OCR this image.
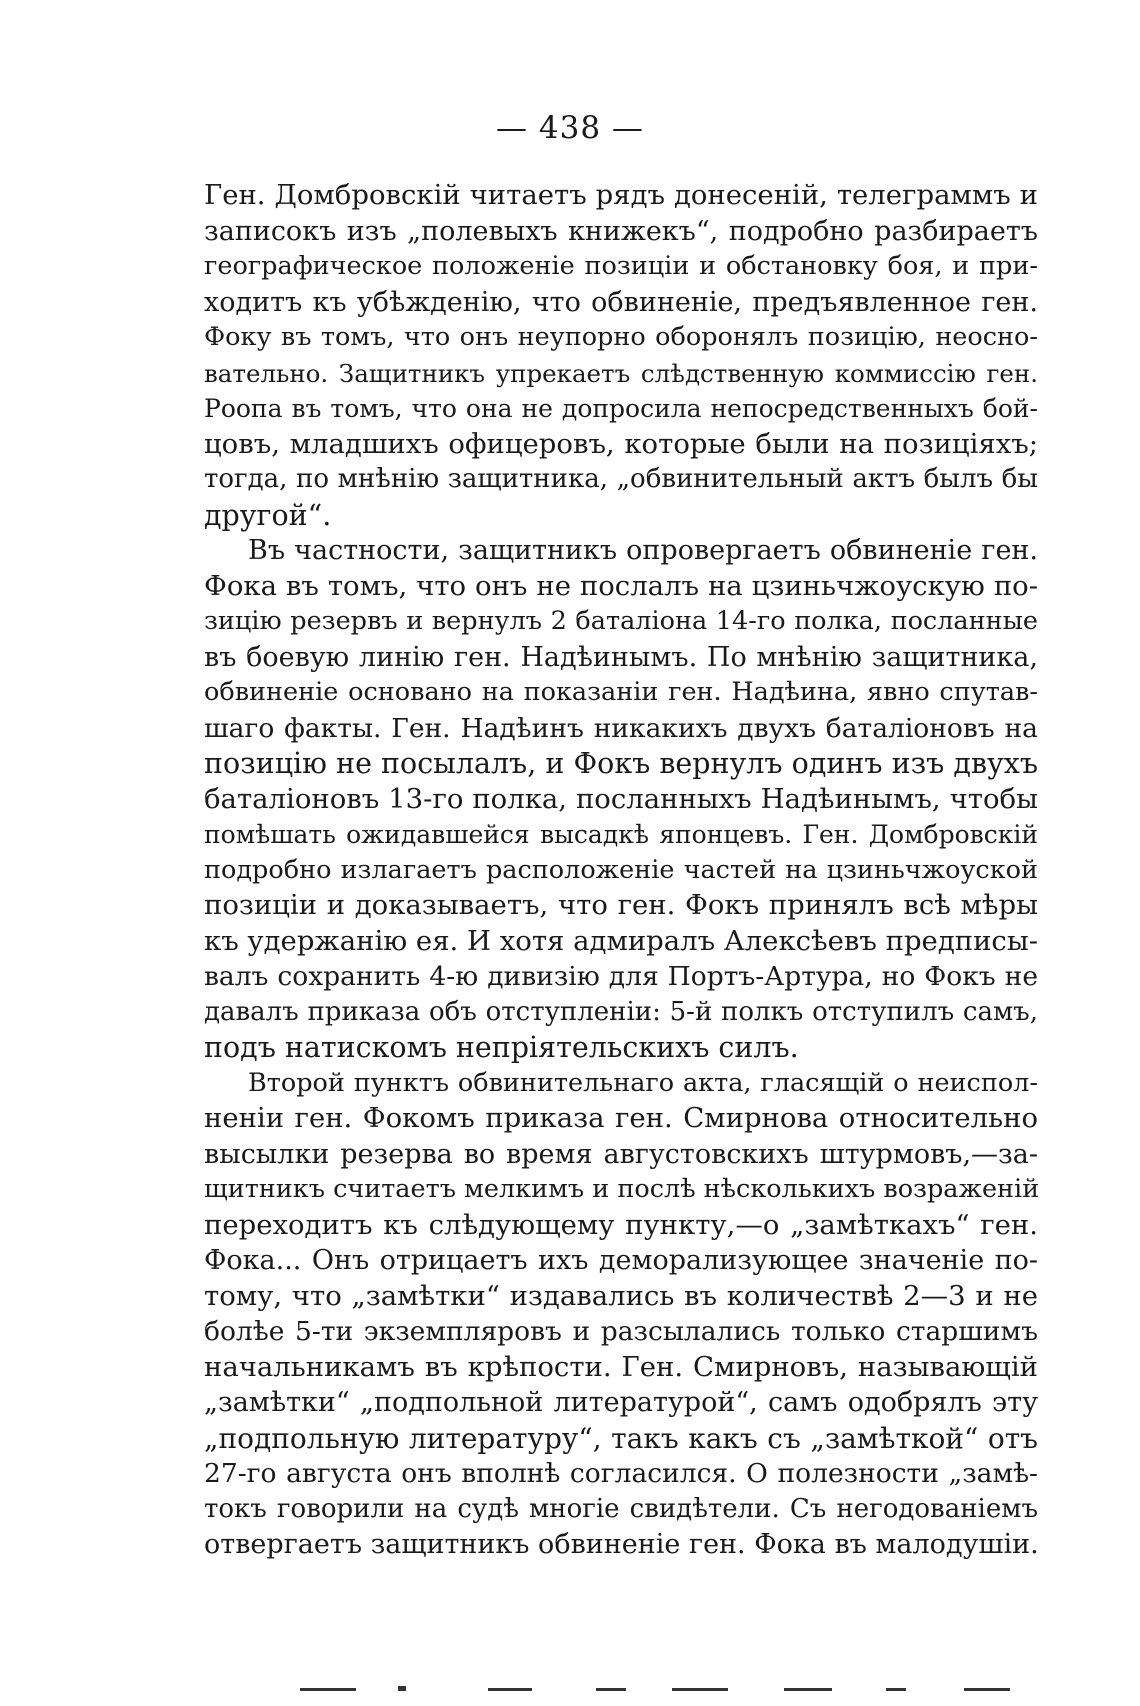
— 438 —
Ген. Домбровскій читаетъ рядъ донесеній, телеграммъ и
записокъ изъ „полевыхъ книжекъ“, подробно разбираетъ
географическое положеніе позиціи и обстановку боя, и при-
ходитъ къ убѣжденію, что обвиненіе, предъявленное ген.
Фоку въ томъ, что онъ неупорно оборонялъ позицію, неосно-
вательно. Защитникъ упрекаетъ слѣдственную коммиссію ген.
Роопа въ томъ, что она не допросила непосредственныхъ бой-
цовъ, младшихъ офицеровъ, которые были на позиціяхъ;
тогда, по мнѣнію защитника, „обвинительный актъ былъ бы
другой“.
Въ частности, защитникъ опровергаетъ обвиненіе ген.
Фока въ томъ, что онъ не послалъ на цзиньчжоускую по-
зицію резервъ и вернулъ 2 баталіона 14-го полка, посланные
въ боевую линію ген. Надѣинымъ. По мнѣнію защитника,
обвиненіе основано на показаніи ген. Надѣина, явно спутав-
шаго факты. Ген. Надѣинъ никакихъ двухъ баталіоновъ на
позицію не посылалъ, и Фокъ вернулъ одинъ изъ двухъ
баталіоновъ 13-го полка, посланныхъ Надѣинымъ, чтобы
помѣшать ожидавшейся высадкѣ японцевъ. Ген. Домбровскій
подробно излагаетъ расположеніе частей на цзиньчжоуской
позиціи и доказываетъ, что ген. Фокъ принялъ всѣ мѣры
къ удержанію ея. И хотя адмиралъ Алексѣевъ предписы-
валъ сохранить 4-ю дивизію для Портъ-Артура, но Фокъ не
давалъ приказа объ отступленіи: 5-й полкъ отступилъ самъ,
подъ натискомъ непріятельскихъ силъ.
Второй пунктъ обвинительнаго акта, гласящій о неиспол-
неніи ген. Фокомъ приказа ген. Смирнова относительно
высылки резерва во время августовскихъ штурмовъ,—за-
щитникъ считаетъ мелкимъ и послѣ нѣсколькихъ возраженій
переходитъ къ слѣдующему пункту,—о „замѣткахъ“ ген.
Фока... Онъ отрицаетъ ихъ деморализующее значеніе по-
тому, что „замѣтки“ издавались въ количествѣ 2—3 и не
болѣе 5-ти экземпляровъ и разсылались только старшимъ
начальникамъ въ крѣпости. Ген. Смирновъ, называющій
„замѣтки“ „подпольной литературой“, самъ одобрялъ эту
„подпольную литературу“, такъ какъ съ „замѣткой“ отъ
27-го августа онъ вполнѣ согласился. О полезности „замѣ-
токъ говорили на судѣ многіе свидѣтели. Съ негодованіемъ
отвергаетъ защитникъ обвиненіе ген. Фока въ малодушіи.
